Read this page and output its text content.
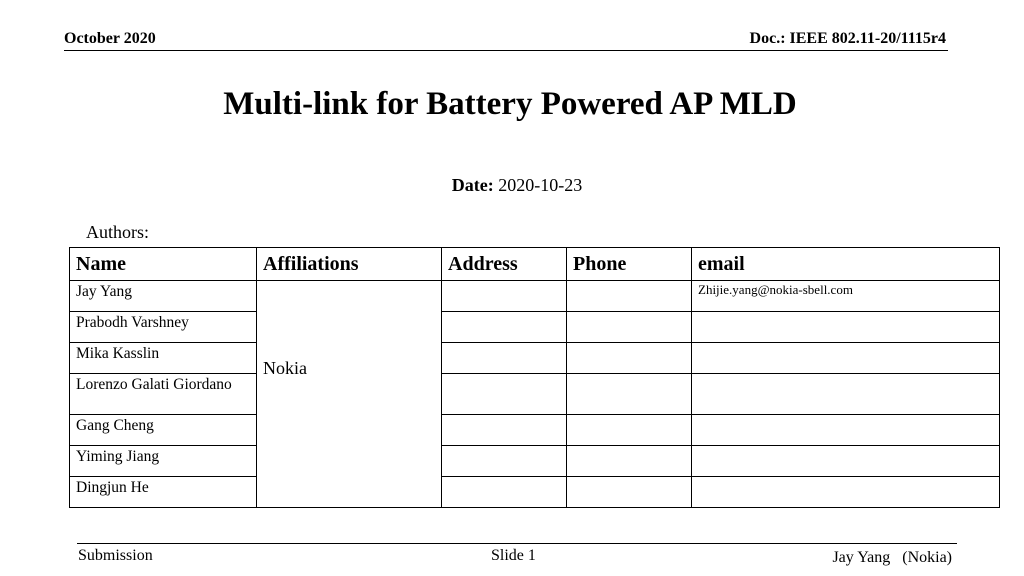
October 2020	Doc.: IEEE 802.11-20/1115r4
Multi-link for Battery Powered AP MLD
Date: 2020-10-23
Authors:
Name	Affiliations	Address	Phone	email
Jay Yang	Nokia			Zhijie.yang@nokia-sbell.com
Prabodh Varshney				
Mika Kasslin				
Lorenzo Galati Giordano				
Gang Cheng				
Yiming Jiang				
Dingjun He				
Submission	Slide 1	Jay Yang   (Nokia)
